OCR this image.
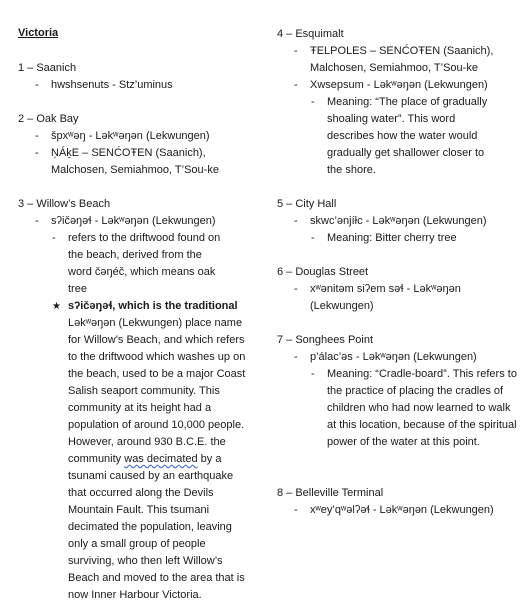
Victoria

1 – Saanich

- hwshsenuts - Stz’uminus

2 – Oak Bay

- špxʷəŋ - Ləkʷəŋən (Lekwungen)
- N̦ÁḵE – SENĆOŦEN (Saanich), Malchosen, Semiahmoo, T’Sou-ke

3 – Willow’s Beach

- sʔičəŋəɬ - Ləkʷəŋən (Lekwungen)
- refers to the driftwood found on the beach, derived from the word čəŋéč, which means oak tree
★ sʔičəŋəɬ, which is the traditional Ləkʷəŋən (Lekwungen) place name for Willow’s Beach, and which refers to the driftwood which washes up on the beach, used to be a major Coast Salish seaport community. This community at its height had a population of around 10,000 people. However, around 930 B.C.E. the community was decimated by a tsunami caused by an earthquake that occurred along the Devils Mountain Fault. This tsumani decimated the population, leaving only a small group of people surviving, who then left Willow’s Beach and moved to the area that is now Inner Harbour Victoria.

4 – Esquimalt

- ŦELPOLES – SENĆOŦEN (Saanich), Malchosen, Semiahmoo, T’Sou-ke
- Xwsepsum - Ləkʷəŋən (Lekwungen)
- Meaning: “The place of gradually shoaling water”. This word describes how the water would gradually get shallower closer to the shore.

5 – City Hall

- skwc’ənjíłc - Ləkʷəŋən (Lekwungen)
- Meaning: Bitter cherry tree

6 – Douglas Street

- xʷənitəm siʔem səɬ - Ləkʷəŋən (Lekwungen)

7 – Songhees Point

- p’álac’əs - Ləkʷəŋən (Lekwungen)
- Meaning: “Cradle-board”. This refers to the practice of placing the cradles of children who had now learned to walk at this location, because of the spiritual power of the water at this point.

8 – Belleville Terminal

- xʷey’qʷəlʔəɬ - Ləkʷəŋən (Lekwungen)
